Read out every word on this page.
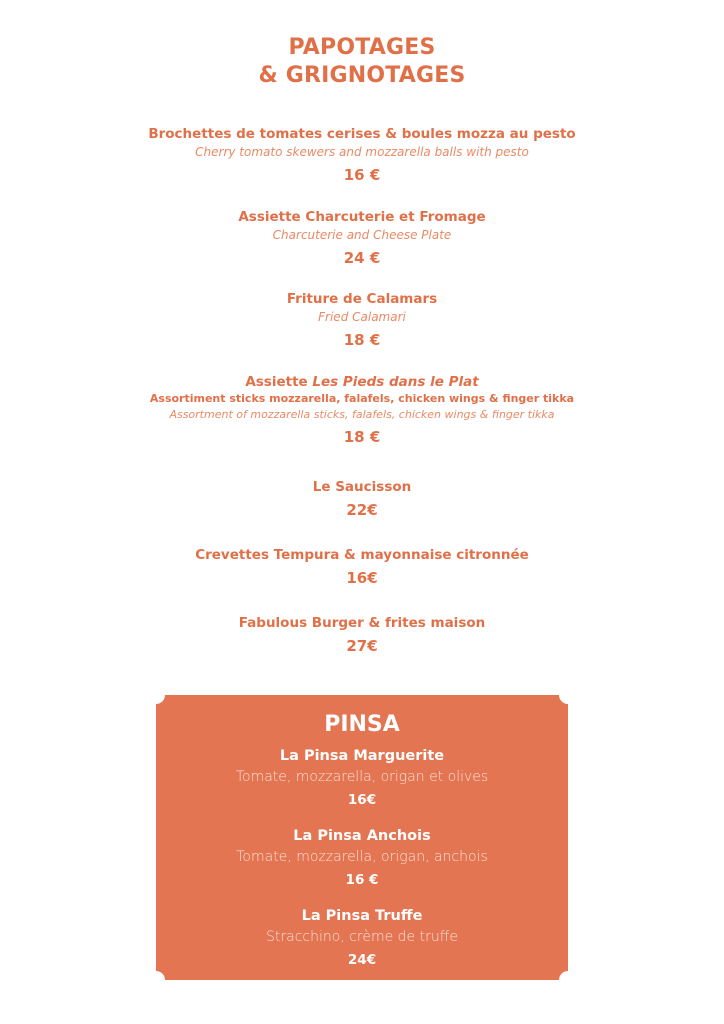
PAPOTAGES
& GRIGNOTAGES
Brochettes de tomates cerises & boules mozza au pesto
Cherry tomato skewers and mozzarella balls with pesto
16 €
Assiette Charcuterie et Fromage
Charcuterie and Cheese Plate
24 €
Friture de Calamars
Fried Calamari
18 €
Assiette Les Pieds dans le Plat
Assortiment sticks mozzarella, falafels, chicken wings & finger tikka
Assortment of mozzarella sticks, falafels, chicken wings & finger tikka
18 €
Le Saucisson
22€
Crevettes Tempura & mayonnaise citronnée
16€
Fabulous Burger & frites maison
27€
PINSA
La Pinsa Marguerite
Tomate, mozzarella, origan et olives
16€
La Pinsa Anchois
Tomate, mozzarella, origan, anchois
16 €
La Pinsa Truffe
Stracchino, crème de truffe
24€
